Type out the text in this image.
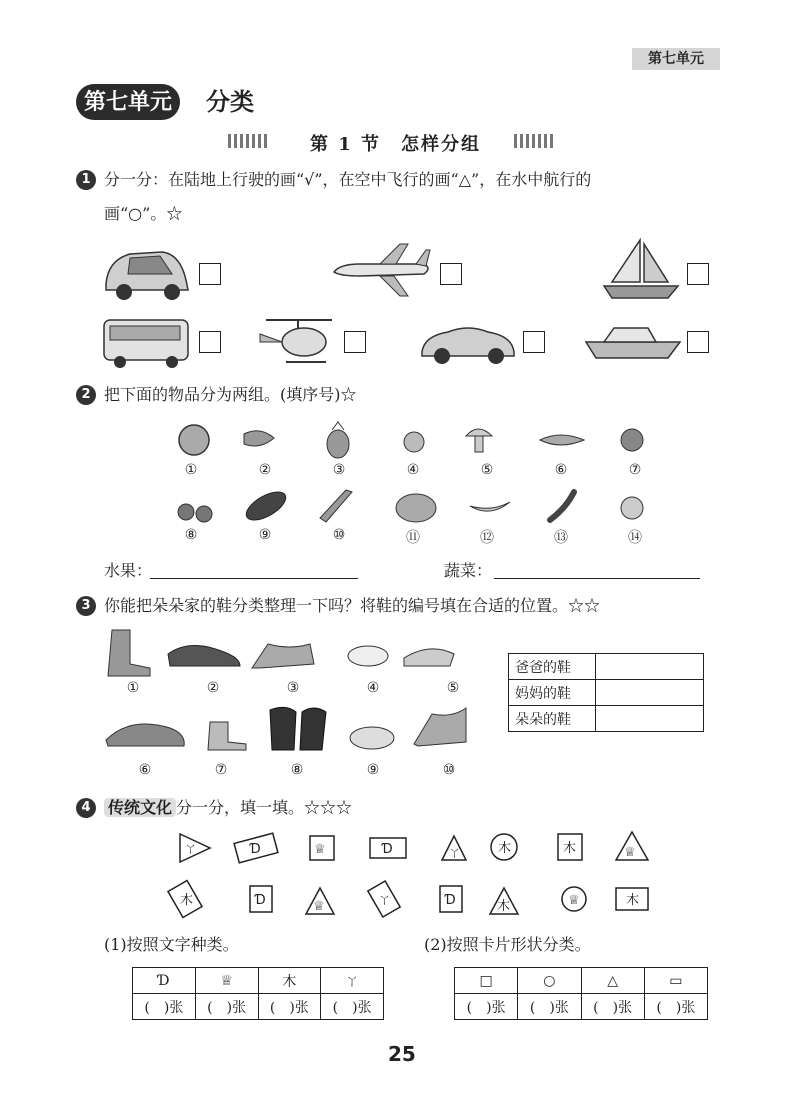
第七单元
第七单元	分类
第 1 节　怎样分组
1 分一分：在陆地上行驶的画“√”，在空中飞行的画“△”，在水中航行的
画“○”。☆
2 把下面的物品分为两组。(填序号)☆
①	②	③	④	⑤	⑥	⑦
⑧	⑨	⑩	⑪	⑫	⑬	⑭
水果：	蔬菜：
3 你能把朵朵家的鞋分类整理一下吗？将鞋的编号填在合适的位置。☆☆
①	②	③	④	⑤
⑥	⑦	⑧	⑨	⑩
爸爸的鞋	
妈妈的鞋	
朵朵的鞋	
4	传统文化 分一分，填一填。☆☆☆
ㄚ	Ɗ	♕	Ɗ	ㄚ	木	木	♕
木	Ɗ	♕	ㄚ	Ɗ	木	♕	木
(1)按照文字种类。	(2)按照卡片形状分类。
Ɗ	♕	木	ㄚ
(　)张	(　)张	(　)张	(　)张
□	○	△	▭
(　)张	(　)张	(　)张	(　)张
25
